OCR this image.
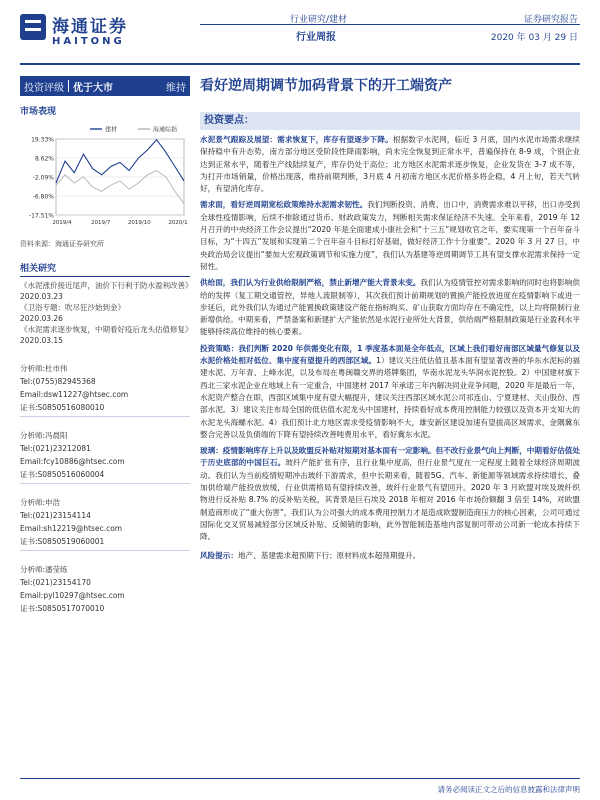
海通证券
HAITONG
行业研究/建材
行业周报
证券研究报告
2020 年 03 月 29 日
投资评级 优于大市	维持 看好逆周期调节加码背景下的开工端资产
市场表现
19.33%
8.62%
-2.09%
-6.80%
-17.51%
2019/4	2019/7	2019/10	2020/1
建材	海通综指
资料来源：海通证券研究所
相关研究
《水泥涨价接近尾声，油价下行利于防水盈利改善》
2020.03.23
《卫浴专题：吹尽狂沙始到金》
2020.03.26
《水泥需求逐步恢复，中期看好疫后龙头估值修复》
2020.03.15
分析师:杜市伟
Tel:(0755)82945368
Email:dsw11227@htsec.com
证书:S0850516080010
分析师:冯晨阳
Tel:(021)23212081
Email:fcy10886@htsec.com
证书:S0850516060004
分析师:申浩
Tel:(021)23154114
Email:sh12219@htsec.com
证书:S0850519060001
分析师:潘莹练
Tel:(021)23154170
Email:pyl10297@htsec.com
证书:S0850517070010
投资要点：

水泥景气跟踪及展望：需求恢复下，库存有望逐步下降。根据数字水泥网，临近 3 月底，国内水泥市场需求继续保持稳中有升态势，南方部分地区受阶段性降雨影响，尚未完全恢复到正常水平，普遍保持在 8-9 成，个别企业达到正常水平，随着生产线陆续复产，库存仍处于高位；北方地区水泥需求逐步恢复，企业发货在 3-7 成不等，为打开市场销量，价格出现落，维持前期判断，3月底 4 月初南方地区水泥价格多将企稳，4 月上旬，若天气转好，有望消化库存。

需求面，看好逆周期宽松政策维持水泥需求韧性。我们判断投资、消费、出口中，消费需求难以平移，出口亦受到全球性疫情影响，后续不排除通过货币、财政政策发力，判断相关需求保证经济不失速。全年来看，2019 年 12 月召开的中央经济工作会议提出“2020 年是全面建成小康社会和“十三五”规划收官之年，要实现第一个百年奋斗目标，为“十四五”发展和实现第二个百年奋斗目标打好基础，做好经济工作十分重要”。2020 年 3 月 27 日，中央政治局会议提出“要加大宏观政策调节和实施力度”，我们认为基建等逆周期调节工具有望支撑水泥需求保持一定韧性。

供给面，我们认为行业供给限制严格，禁止新增产能大背景未变。我们认为疫情管控对需求影响的同时也将影响供给的发挥（复工期交通管控，异地人流限制等），其次我们预计前期规划的置换产能投放进度在疫情影响下或进一步延后，此外我们认为通过产能置换政策建设产能在指标购买、矿山获取方面均存在不确定性，以上均将限制行业新增供给。中期来看，严禁备案和新建扩大产能依然是水泥行业所处大背景，供给端严格限制政策是行业盈利水平能够持续高位维持的核心要素。

投资策略：我们判断 2020 年供需变化有限，1 季度基本面是全年低点，区域上我们看好南部区域量气修复以及水泥价格处相对低位、集中度有望提升的西部区域。1）建议关注低估值且基本面有望显著改善的华东水泥标的福建水泥、万年青、上峰水泥，以及布局在粤闽赣交界的塔牌集团，华南水泥龙头华润水泥控股。2）中国建材旗下西北三家水泥企业在地域上有一定重合，中国建材 2017 年承诺三年内解决同业竞争问题，2020 年是最后一年，水泥资产整合在即，西部区域集中度有望大幅提升，建议关注西部区域水泥公司祁连山、宁夏建材、天山股份、西部水泥。3）建议关注布局全国的低估值水泥龙头中国建材，持续看好成本费用控制能力较强以及资本开支知大的水泥龙头海螺水泥。4）我们预计北方地区需求受疫情影响不大，雄安新区建设加速有望拔高区域需求，金隅冀东整合完善以及负债端的下降有望持续改善吨费用水平，看好冀东水泥。

玻璃：疫情影响库存上升以及欧盟反补贴对短期对基本面有一定影响。但不改行业景气向上判断，中期看好估值处于历史底部的中国巨石。玻纤产能扩张有序，且行业集中度高，但行业景气度在一定程度上随着全球经济周期波动。我们认为当前疫情短期冲击玻纤下游需求，但中长期来看，随着5G、汽车、新能源等领域需求持续增长，叠加供给端产能投放放缓，行业供需格局有望持续改善，玻纤行业景气有望回升。2020 年 3 月欧盟对埃及玻纤织物进行反补贴 8.7% 的反补贴关税，其背景是巨石埃及 2018 年相对 2016 年市场份额翻 3 倍至 14%，对欧盟制造商形成了“重大伤害”，我们认为公司强大的成本费用控制力才是造成欧盟制造商压力的核心因素，公司可通过国际化交叉贸易减轻部分区域反补贴、反倾销的影响，此外智能制造基地内部复制可带动公司新一轮成本持续下降。

风险提示：地产、基建需求超预期下行；原材料成本超预期提升。

请务必阅读正文之后的信息披露和法律声明
